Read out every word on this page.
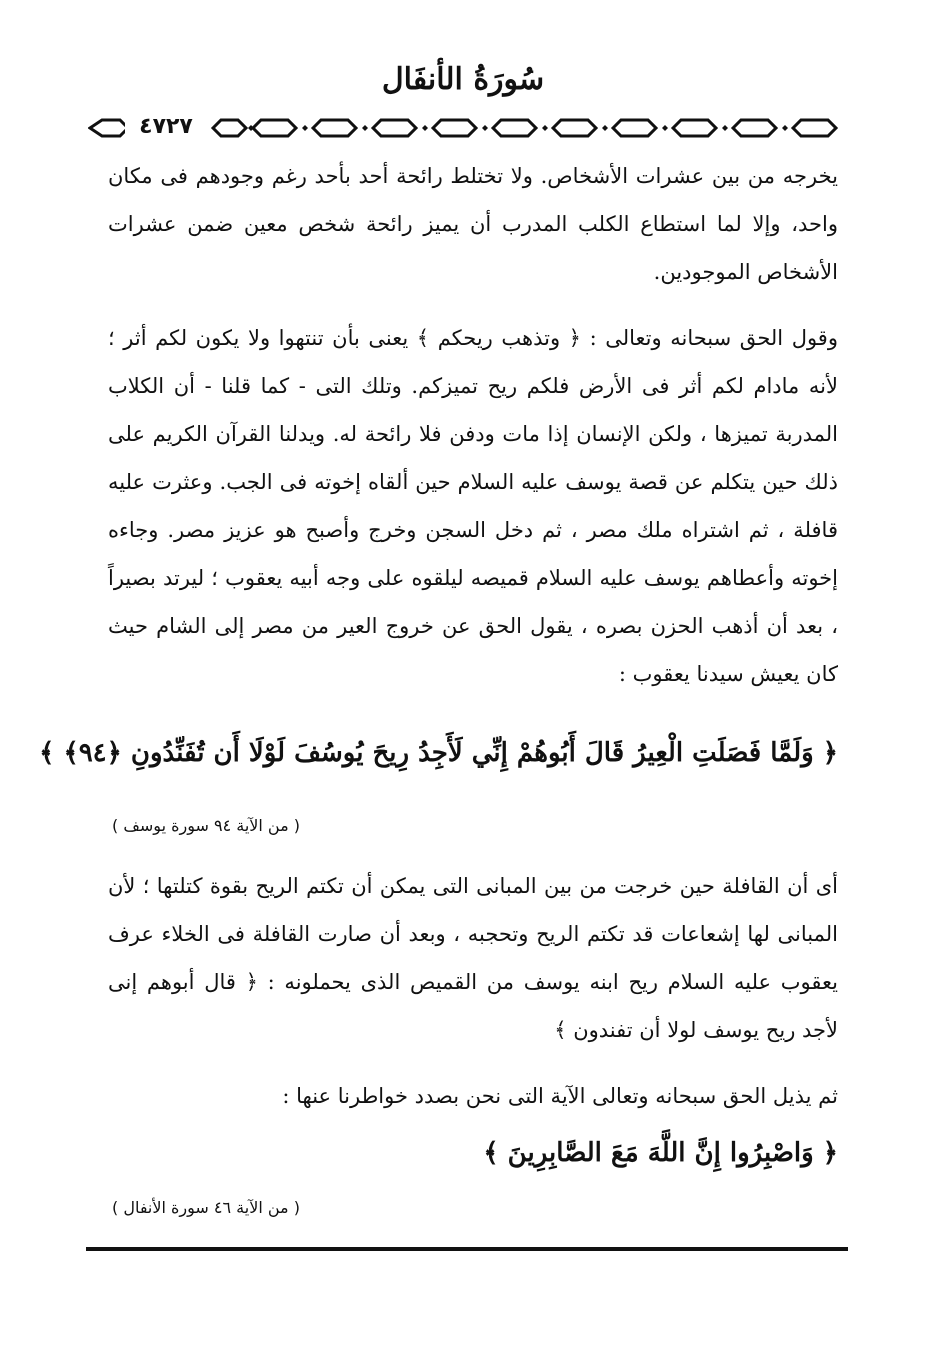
سُورَةُ الأنفَال
٤٧٢٧

يخرجه من بين عشرات الأشخاص. ولا تختلط رائحة أحد بأحد رغم وجودهم فى مكان واحد، وإلا لما استطاع الكلب المدرب أن يميز رائحة شخص معين ضمن عشرات الأشخاص الموجودين.

وقول الحق سبحانه وتعالى : ﴿ وتذهب ريحكم ﴾ يعنى بأن تنتهوا ولا يكون لكم أثر ؛ لأنه مادام لكم أثر فى الأرض فلكم ريح تميزكم. وتلك التى - كما قلنا - أن الكلاب المدربة تميزها ، ولكن الإنسان إذا مات ودفن فلا رائحة له. ويدلنا القرآن الكريم على ذلك حين يتكلم عن قصة يوسف عليه السلام حين ألقاه إخوته فى الجب. وعثرت عليه قافلة ، ثم اشتراه ملك مصر ، ثم دخل السجن وخرج وأصبح هو عزيز مصر. وجاءه إخوته وأعطاهم يوسف عليه السلام قميصه ليلقوه على وجه أبيه يعقوب ؛ ليرتد بصيراً ، بعد أن أذهب الحزن بصره ، يقول الحق عن خروج العير من مصر إلى الشام حيث كان يعيش سيدنا يعقوب :

﴿ وَلَمَّا فَصَلَتِ الْعِيرُ قَالَ أَبُوهُمْ إِنِّي لَأَجِدُ رِيحَ يُوسُفَ لَوْلَا أَن تُفَنِّدُونِ ﴿٩٤﴾ ﴾

( من الآية ٩٤ سورة يوسف )

أى أن القافلة حين خرجت من بين المبانى التى يمكن أن تكتم الريح بقوة كتلتها ؛ لأن المبانى لها إشعاعات قد تكتم الريح وتحجبه ، وبعد أن صارت القافلة فى الخلاء عرف يعقوب عليه السلام ريح ابنه يوسف من القميص الذى يحملونه : ﴿ قال أبوهم إنى لأجد ريح يوسف لولا أن تفندون ﴾

ثم يذيل الحق سبحانه وتعالى الآية التى نحن بصدد خواطرنا عنها :

﴿ وَاصْبِرُوا إِنَّ اللَّهَ مَعَ الصَّابِرِينَ ﴾

( من الآية ٤٦ سورة الأنفال )
